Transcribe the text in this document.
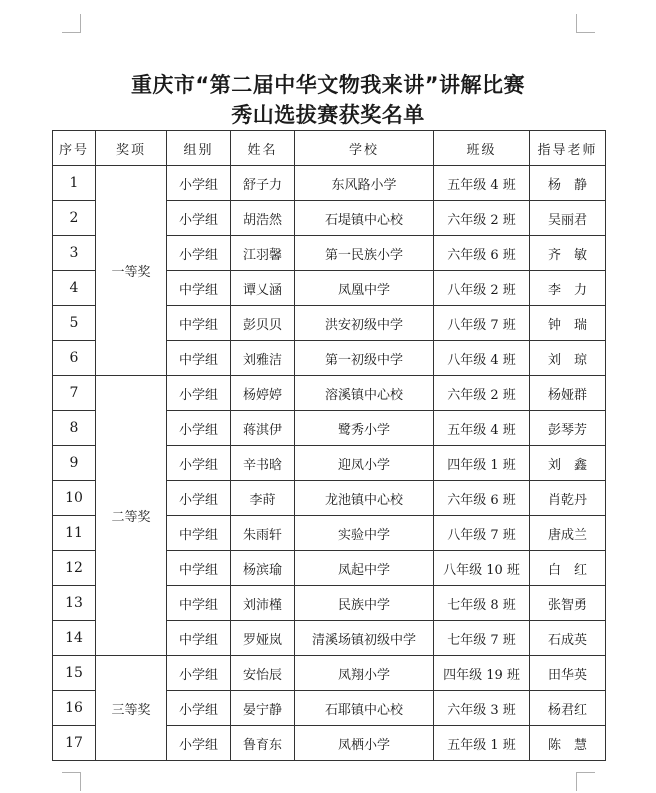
重庆市“第二届中华文物我来讲”讲解比赛
秀山选拔赛获奖名单
序号	奖项	组别	姓名	学校	班级	指导老师
1	一等奖	小学组	舒子力	东风路小学	五年级 4 班	杨　静
2		小学组	胡浩然	石堤镇中心校	六年级 2 班	吴丽君
3		小学组	江羽馨	第一民族小学	六年级 6 班	齐　敏
4		中学组	谭乂涵	凤凰中学	八年级 2 班	李　力
5		中学组	彭贝贝	洪安初级中学	八年级 7 班	钟　瑞
6		中学组	刘雅洁	第一初级中学	八年级 4 班	刘　琼
7	二等奖	小学组	杨婷婷	溶溪镇中心校	六年级 2 班	杨娅群
8		小学组	蒋淇伊	鹭秀小学	五年级 4 班	彭琴芳
9		小学组	辛书晗	迎凤小学	四年级 1 班	刘　鑫
10		小学组	李莳	龙池镇中心校	六年级 6 班	肖乾丹
11		中学组	朱雨轩	实验中学	八年级 7 班	唐成兰
12		中学组	杨滨瑜	凤起中学	八年级 10 班	白　红
13		中学组	刘沛槿	民族中学	七年级 8 班	张智勇
14		中学组	罗娅岚	清溪场镇初级中学	七年级 7 班	石成英
15	三等奖	小学组	安怡辰	凤翔小学	四年级 19 班	田华英
16		小学组	晏宁静	石耶镇中心校	六年级 3 班	杨君红
17		小学组	鲁育东	凤栖小学	五年级 1 班	陈　慧
